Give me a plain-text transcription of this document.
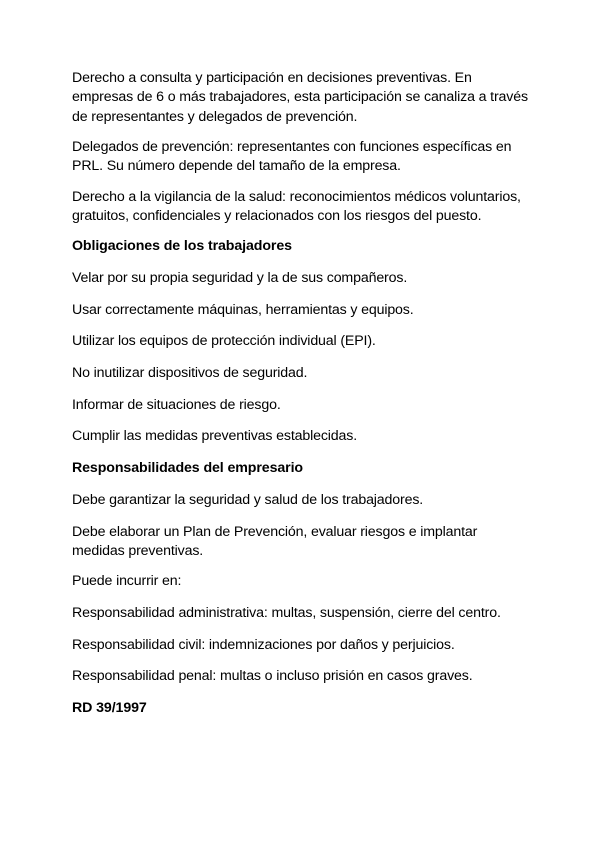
Derecho a consulta y participación en decisiones preventivas. En empresas de 6 o más trabajadores, esta participación se canaliza a través de representantes y delegados de prevención.

Delegados de prevención: representantes con funciones específicas en PRL. Su número depende del tamaño de la empresa.

Derecho a la vigilancia de la salud: reconocimientos médicos voluntarios, gratuitos, confidenciales y relacionados con los riesgos del puesto.

Obligaciones de los trabajadores

Velar por su propia seguridad y la de sus compañeros.

Usar correctamente máquinas, herramientas y equipos.

Utilizar los equipos de protección individual (EPI).

No inutilizar dispositivos de seguridad.

Informar de situaciones de riesgo.

Cumplir las medidas preventivas establecidas.

Responsabilidades del empresario

Debe garantizar la seguridad y salud de los trabajadores.

Debe elaborar un Plan de Prevención, evaluar riesgos e implantar medidas preventivas.

Puede incurrir en:

Responsabilidad administrativa: multas, suspensión, cierre del centro.

Responsabilidad civil: indemnizaciones por daños y perjuicios.

Responsabilidad penal: multas o incluso prisión en casos graves.

RD 39/1997
